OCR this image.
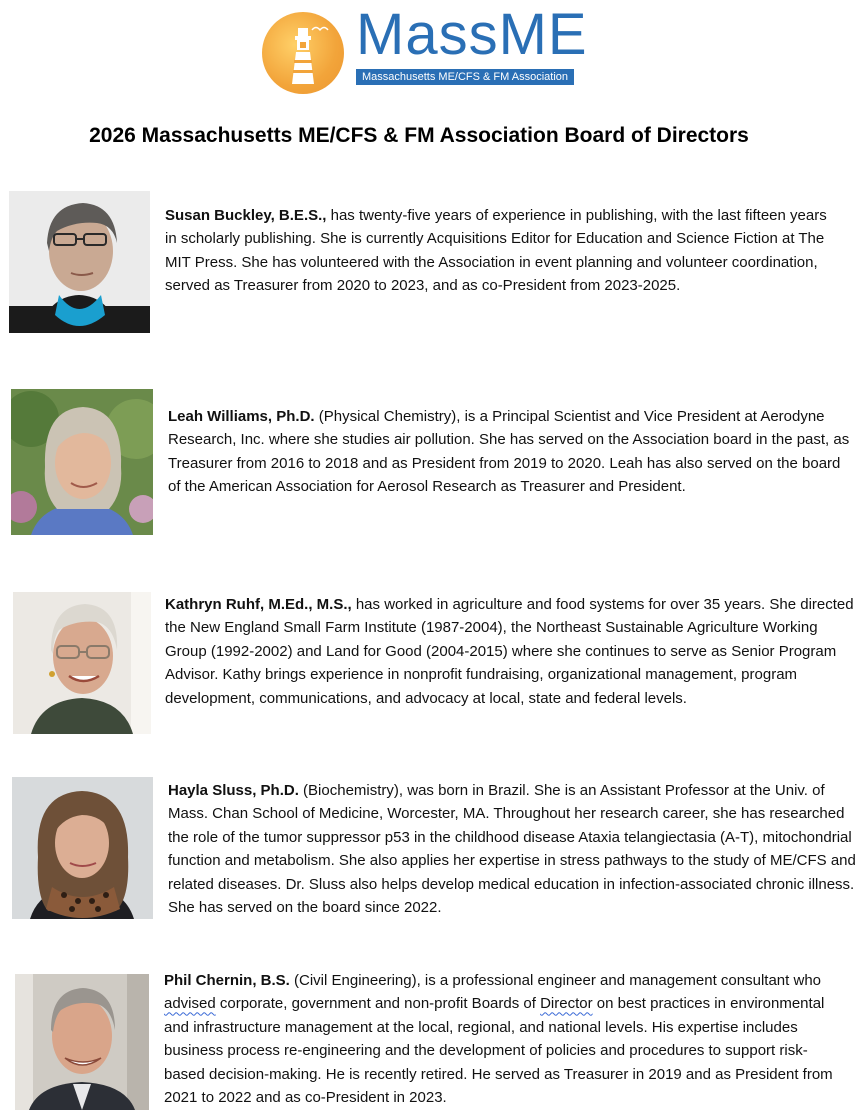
MassME
Massachusetts ME/CFS & FM Association
2026 Massachusetts ME/CFS & FM Association Board of Directors
Susan Buckley, B.E.S., has twenty-five years of experience in publishing, with the last fifteen years in scholarly publishing. She is currently Acquisitions Editor for Education and Science Fiction at The MIT Press. She has volunteered with the Association in event planning and volunteer coordination, served as Treasurer from 2020 to 2023, and as co-President from 2023-2025.
Leah Williams, Ph.D. (Physical Chemistry), is a Principal Scientist and Vice President at Aerodyne Research, Inc. where she studies air pollution. She has served on the Association board in the past, as Treasurer from 2016 to 2018 and as President from 2019 to 2020. Leah has also served on the board of the American Association for Aerosol Research as Treasurer and President.
Kathryn Ruhf, M.Ed., M.S., has worked in agriculture and food systems for over 35 years. She directed the New England Small Farm Institute (1987-2004), the Northeast Sustainable Agriculture Working Group (1992-2002) and Land for Good (2004-2015) where she continues to serve as Senior Program Advisor. Kathy brings experience in nonprofit fundraising, organizational management, program development, communications, and advocacy at local, state and federal levels.
Hayla Sluss, Ph.D. (Biochemistry), was born in Brazil. She is an Assistant Professor at the Univ. of Mass. Chan School of Medicine, Worcester, MA. Throughout her research career, she has researched the role of the tumor suppressor p53 in the childhood disease Ataxia telangiectasia (A-T), mitochondrial function and metabolism. She also applies her expertise in stress pathways to the study of ME/CFS and related diseases. Dr. Sluss also helps develop medical education in infection-associated chronic illness. She has served on the board since 2022.
Phil Chernin, B.S. (Civil Engineering), is a professional engineer and management consultant who advised corporate, government and non-profit Boards of Director on best practices in environmental and infrastructure management at the local, regional, and national levels. His expertise includes business process re-engineering and the development of policies and procedures to support risk-based decision-making. He is recently retired. He served as Treasurer in 2019 and as President from 2021 to 2022 and as co-President in 2023.
